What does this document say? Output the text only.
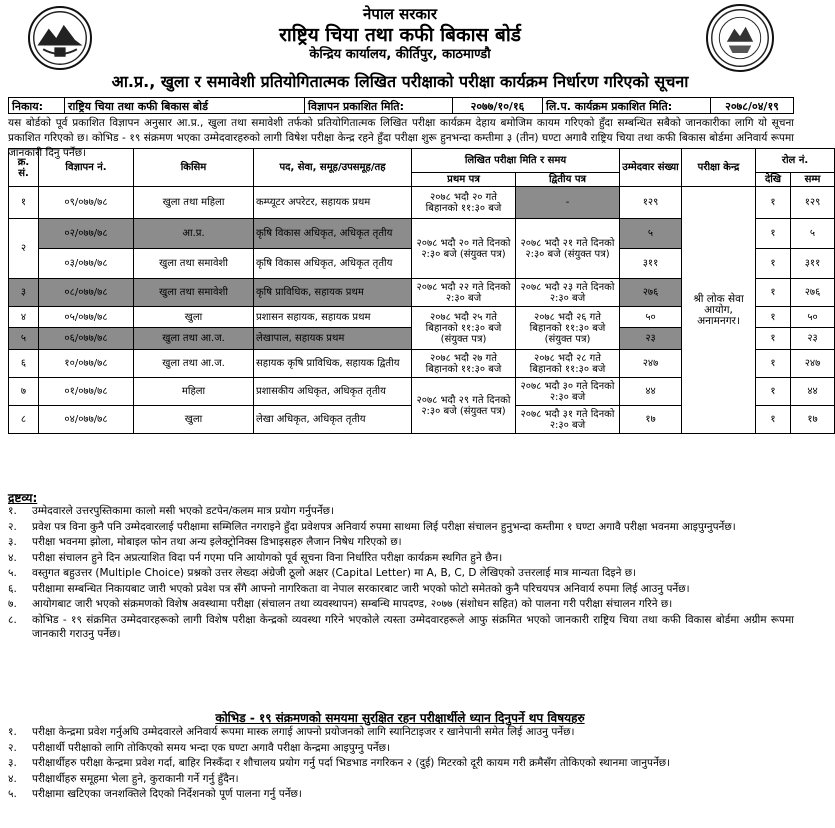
नेपाल सरकार
राष्ट्रिय चिया तथा कफी बिकास बोर्ड
केन्द्रिय कार्यालय, कीर्तिपुर, काठमाण्डौ
आ.प्र., खुला र समावेशी प्रतियोगितात्मक लिखित परीक्षाको परीक्षा कार्यक्रम निर्धारण गरिएको सूचना
निकाय:	राष्ट्रिय चिया तथा कफी बिकास बोर्ड	विज्ञापन प्रकाशित मिति:	२०७७/१०/१६	लि.प. कार्यक्रम प्रकाशित मिति:	२०७८/०४/१९
यस बोर्डको पूर्व प्रकाशित विज्ञापन अनुसार आ.प्र., खुला तथा समावेशी तर्फको प्रतियोगितात्मक लिखित परीक्षा कार्यक्रम देहाय बमोजिम कायम गरिएको हुँदा सम्बन्धित सबैको जानकारीका लागि यो सूचना प्रकाशित गरिएको छ। कोभिड - १९ संक्रमण भएका उम्मेदवारहरुको लागी विषेश परीक्षा केन्द्र रहने हुँदा परीक्षा शुरू हुनभन्दा कम्तीमा ३ (तीन) घण्टा अगावै राष्ट्रिय चिया तथा कफी बिकास बोर्डमा अनिवार्य रूपमा जानकारी दिनु पर्नेछ।
क्र. सं.	विज्ञापन नं.	किसिम	पद, सेवा, समूह/उपसमूह/तह	लिखित परीक्षा मिति र समय		उम्मेदवार संख्या	परीक्षा केन्द्र	रोल नं.	
				प्रथम पत्र	द्वितीय पत्र			देखि	सम्म
१	०९/०७७/७८	खुला तथा महिला	कम्प्यूटर अपरेटर, सहायक प्रथम	२०७८ भदौ २० गते बिहानको ११:३० बजे	-	१२९	श्री लोक सेवा आयोग, अनामनगर।	१	१२९
२	०२/०७७/७८	आ.प्र.	कृषि विकास अधिकृत, अधिकृत तृतीय	२०७८ भदौ २० गते दिनको २:३० बजे (संयुक्त पत्र)	२०७८ भदौ २१ गते दिनको २:३० बजे (संयुक्त पत्र)	५		१	५
	०३/०७७/७८	खुला तथा समावेशी	कृषि विकास अधिकृत, अधिकृत तृतीय			३११		१	३११
३	०८/०७७/७८	खुला तथा समावेशी	कृषि प्राविधिक, सहायक प्रथम	२०७८ भदौ २२ गते दिनको २:३० बजे	२०७८ भदौ २३ गते दिनको २:३० बजे	२७६		१	२७६
४	०५/०७७/७८	खुला	प्रशासन सहायक, सहायक प्रथम	२०७८ भदौ २५ गते बिहानको ११:३० बजे (संयुक्त पत्र)	२०७८ भदौ २६ गते बिहानको ११:३० बजे (संयुक्त पत्र)	५०		१	५०
५	०६/०७७/७८	खुला तथा आ.ज.	लेखापाल, सहायक प्रथम			२३		१	२३
६	१०/०७७/७८	खुला तथा आ.ज.	सहायक कृषि प्राविधिक, सहायक द्वितीय	२०७८ भदौ २७ गते बिहानको ११:३० बजे	२०७८ भदौ २८ गते बिहानको ११:३० बजे	२४७		१	२४७
७	०१/०७७/७८	महिला	प्रशासकीय अधिकृत, अधिकृत तृतीय	२०७८ भदौ २९ गते दिनको २:३० बजे (संयुक्त पत्र)	२०७८ भदौ ३० गते दिनको २:३० बजे	४४		१	४४
८	०४/०७७/७८	खुला	लेखा अधिकृत, अधिकृत तृतीय		२०७८ भदौ ३१ गते दिनको २:३० बजे	१७		१	१७
द्रष्टव्य:
१.	उम्मेदवारले उत्तरपुस्तिकामा कालो मसी भएको डटपेन/कलम मात्र प्रयोग गर्नुपर्नेछ।
२.	प्रवेश पत्र विना कुनै पनि उम्मेदवारलाई परीक्षामा सम्मिलित नगराइने हुँदा प्रवेशपत्र अनिवार्य रुपमा साथमा लिई परीक्षा संचालन हुनुभन्दा कम्तीमा १ घण्टा अगावै परीक्षा भवनमा आइपुग्नुपर्नेछ।
३.	परीक्षा भवनमा झोला, मोबाइल फोन तथा अन्य इलेक्ट्रोनिक्स डिभाइसहरु लैजान निषेध गरिएको छ।
४.	परीक्षा संचालन हुने दिन अप्रत्याशित विदा पर्न गएमा पनि आयोगको पूर्व सूचना विना निर्धारित परीक्षा कार्यक्रम स्थगित हुने छैन।
५.	वस्तुगत बहुउत्तर (Multiple Choice) प्रश्नको उत्तर लेख्दा अंग्रेजी ठूलो अक्षर (Capital Letter) मा A, B, C, D लेखिएको उत्तरलाई मात्र मान्यता दिइने छ।
६.	परीक्षामा सम्बन्धित निकायबाट जारी भएको प्रवेश पत्र सँगै आफ्नो नागरिकता वा नेपाल सरकारबाट जारी भएको फोटो समेतको कुनै परिचयपत्र अनिवार्य रुपमा लिई आउनु पर्नेछ।
७.	आयोगबाट जारी भएको संक्रमणको विशेष अवस्थामा परीक्षा (संचालन तथा व्यवस्थापन) सम्बन्धि मापदण्ड, २०७७ (संशोधन सहित) को पालना गरी परीक्षा संचालन गरिने छ।
८.	कोभिड - १९ संक्रमित उम्मेदवारहरूको लागी विशेष परीक्षा केन्द्रको व्यवस्था गरिने भएकोले त्यस्ता उम्मेदवारहरूले आफु संक्रमित भएको जानकारी राष्ट्रिय चिया तथा कफी विकास बोर्डमा अग्रीम रूपमा जानकारी गराउनु पर्नेछ।
कोभिड - १९ संक्रमणको समयमा सुरक्षित रहन परीक्षार्थीले ध्यान दिनुपर्ने थप विषयहरु
१.	परीक्षा केन्द्रमा प्रवेश गर्नुअघि उम्मेदवारले अनिवार्य रूपमा मास्क लगाई आफ्नो प्रयोजनको लागि स्यानिटाइजर र खानेपानी समेत लिई आउनु पर्नेछ।
२.	परीक्षार्थी परीक्षाको लागि तोकिएको समय भन्दा एक घण्टा अगावै परीक्षा केन्द्रमा आइपुग्नु पर्नेछ।
३.	परीक्षार्थीहरु परीक्षा केन्द्रमा प्रवेश गर्दा, बाहिर निस्कँदा र शौचालय प्रयोग गर्नु पर्दा भिडभाड नगरिकन २ (दुई) मिटरको दूरी कायम गरी क्रमैसँग तोकिएको स्थानमा जानुपर्नेछ।
४.	परीक्षार्थीहरु समूहमा भेला हुने, कुराकानी गर्ने गर्नु हुँदैन।
५.	परीक्षामा खटिएका जनशक्तिले दिएको निर्देशनको पूर्ण पालना गर्नु पर्नेछ।
